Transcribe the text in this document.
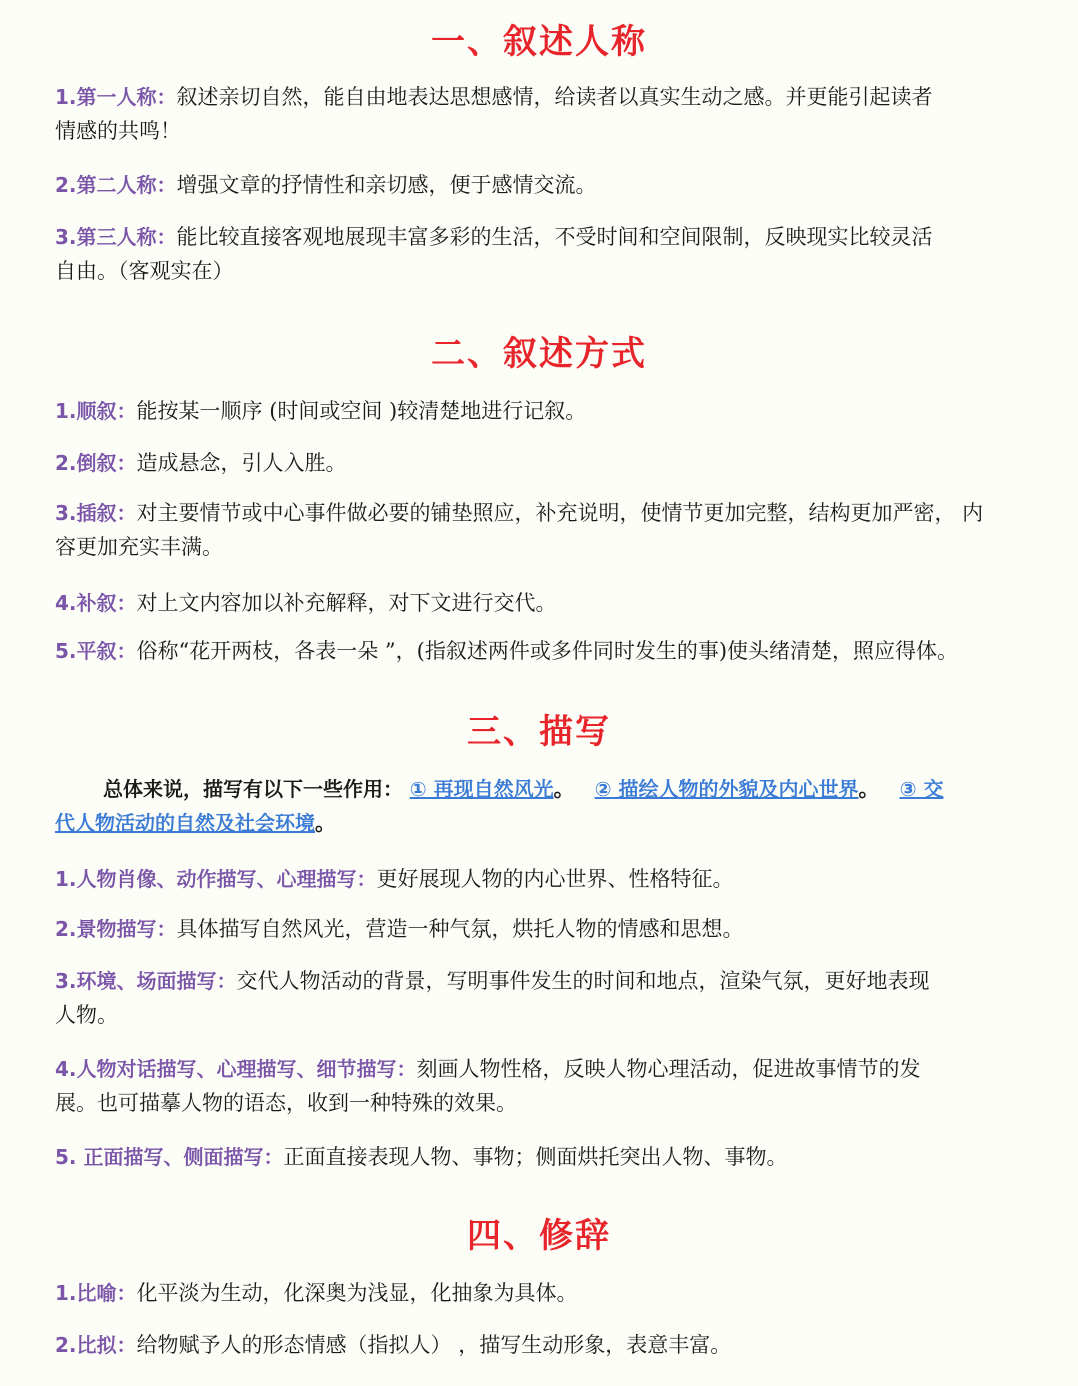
一、叙述人称

1.第一人称：叙述亲切自然，能自由地表达思想感情，给读者以真实生动之感。并更能引起读者
情感的共鸣！

2.第二人称：增强文章的抒情性和亲切感，便于感情交流。

3.第三人称：能比较直接客观地展现丰富多彩的生活，不受时间和空间限制，反映现实比较灵活
自由。（客观实在）

二、叙述方式

1.顺叙：能按某一顺序 (时间或空间 )较清楚地进行记叙。

2.倒叙：造成悬念，引人入胜。

3.插叙：对主要情节或中心事件做必要的铺垫照应，补充说明，使情节更加完整，结构更加严密， 内
容更加充实丰满。

4.补叙：对上文内容加以补充解释，对下文进行交代。

5.平叙：俗称“花开两枝，各表一朵 ”，(指叙述两件或多件同时发生的事)使头绪清楚，照应得体。

三、描写

总体来说，描写有以下一些作用： ① 再现自然风光。 ② 描绘人物的外貌及内心世界。 ③ 交
代人物活动的自然及社会环境。

1.人物肖像、动作描写、心理描写：更好展现人物的内心世界、性格特征。

2.景物描写：具体描写自然风光，营造一种气氛，烘托人物的情感和思想。

3.环境、场面描写：交代人物活动的背景，写明事件发生的时间和地点，渲染气氛，更好地表现
人物。

4.人物对话描写、心理描写、细节描写：刻画人物性格，反映人物心理活动，促进故事情节的发
展。也可描摹人物的语态，收到一种特殊的效果。

5. 正面描写、侧面描写：正面直接表现人物、事物；侧面烘托突出人物、事物。

四、修辞

1.比喻：化平淡为生动，化深奥为浅显，化抽象为具体。

2.比拟：给物赋予人的形态情感（指拟人） ，描写生动形象，表意丰富。
